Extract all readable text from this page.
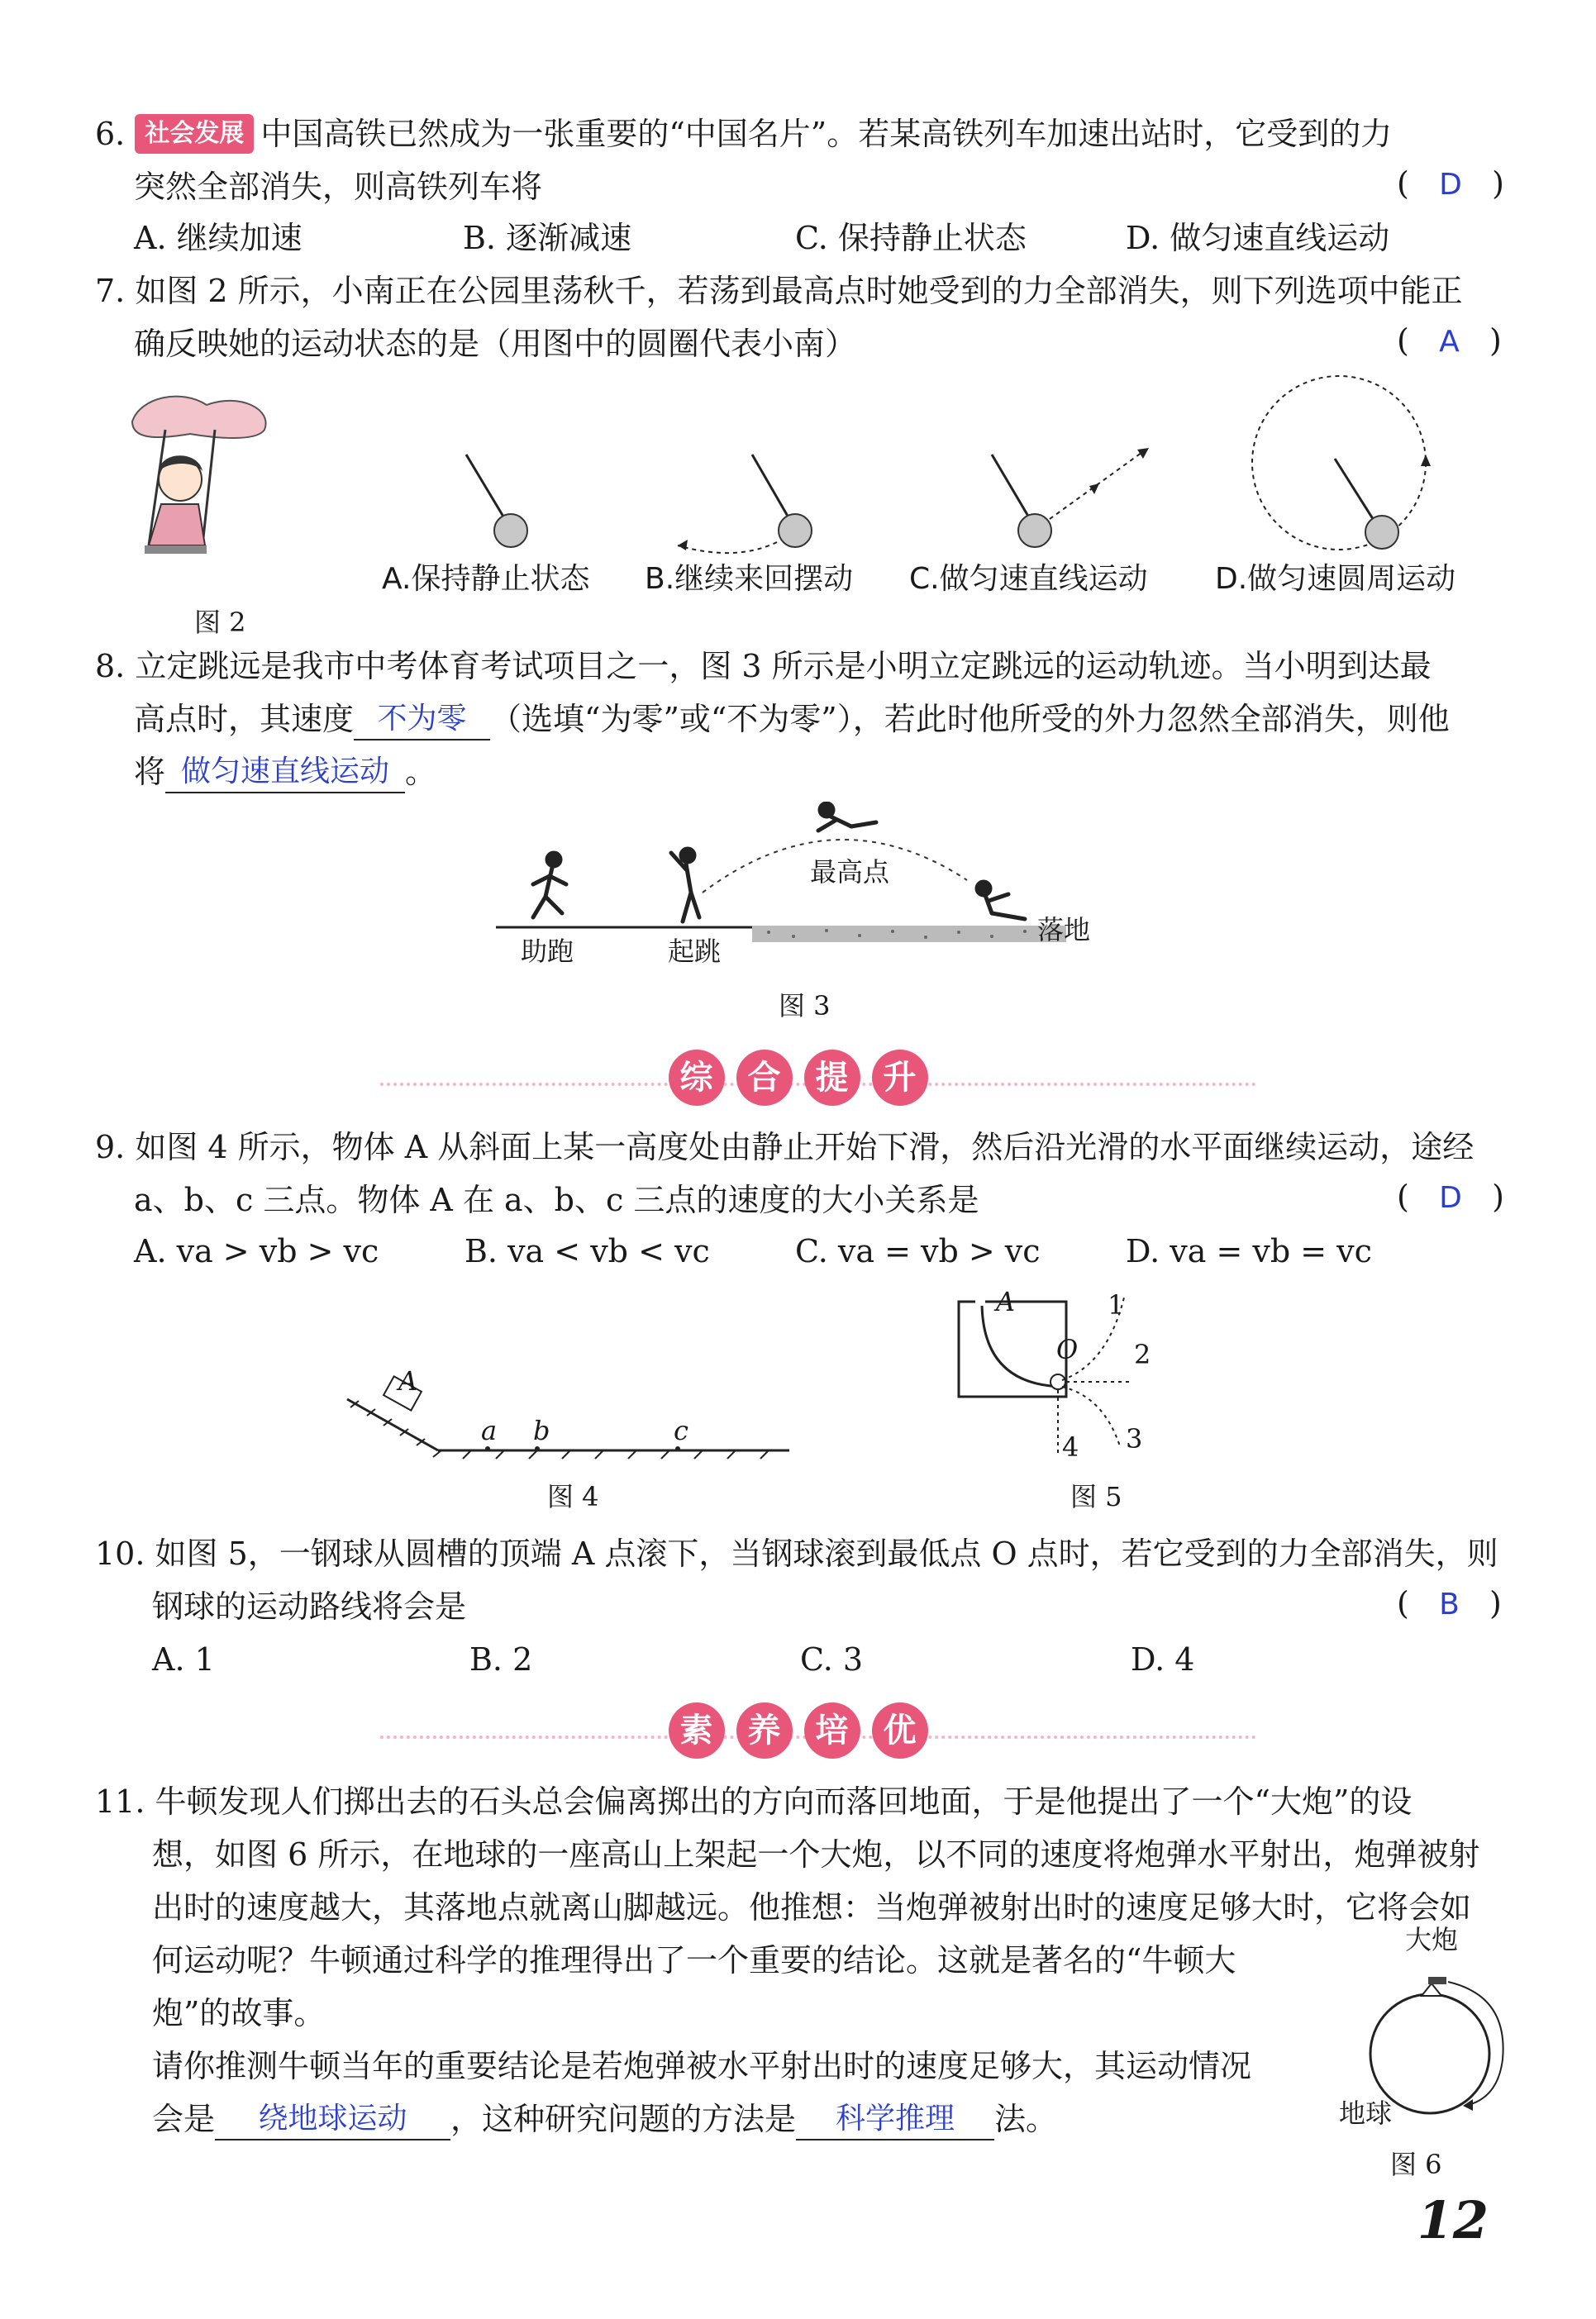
6. 社会发展 中国高铁已然成为一张重要的“中国名片”。若某高铁列车加速出站时，它受到的力
突然全部消失，则高铁列车将	( D )
A. 继续加速	B. 逐渐减速	C. 保持静止状态	D. 做匀速直线运动
7. 如图 2 所示，小南正在公园里荡秋千，若荡到最高点时她受到的力全部消失，则下列选项中能正
确反映她的运动状态的是（用图中的圆圈代表小南）	( A )
图 2
A.保持静止状态 B.继续来回摆动 C.做匀速直线运动 D.做匀速圆周运动
8. 立定跳远是我市中考体育考试项目之一，图 3 所示是小明立定跳远的运动轨迹。当小明到达最
高点时，其速度 不为零 （选填“为零”或“不为零”），若此时他所受的外力忽然全部消失，则他
将 做匀速直线运动 。
最高点
助跑	起跳
落地
图 3
综 合 提 升
9. 如图 4 所示，物体 A 从斜面上某一高度处由静止开始下滑，然后沿光滑的水平面继续运动，途经
a、b、c 三点。物体 A 在 a、b、c 三点的速度的大小关系是	( D )
A. va > vb > vc	B. va < vb < vc	C. va = vb > vc	D. va = vb = vc
A
a b	c
图 4
A
O
1
2
3
4
图 5
10. 如图 5，一钢球从圆槽的顶端 A 点滚下，当钢球滚到最低点 O 点时，若它受到的力全部消失，则
钢球的运动路线将会是	( B )
A. 1	B. 2	C. 3	D. 4
素 养 培 优
11. 牛顿发现人们掷出去的石头总会偏离掷出的方向而落回地面，于是他提出了一个“大炮”的设
想，如图 6 所示，在地球的一座高山上架起一个大炮，以不同的速度将炮弹水平射出，炮弹被射
出时的速度越大，其落地点就离山脚越远。他推想：当炮弹被射出时的速度足够大时，它将会如
何运动呢？牛顿通过科学的推理得出了一个重要的结论。这就是著名的“牛顿大
炮”的故事。
请你推测牛顿当年的重要结论是若炮弹被水平射出时的速度足够大，其运动情况
会是 绕地球运动 ，这种研究问题的方法是 科学推理 法。
大炮
地球
图 6
12
